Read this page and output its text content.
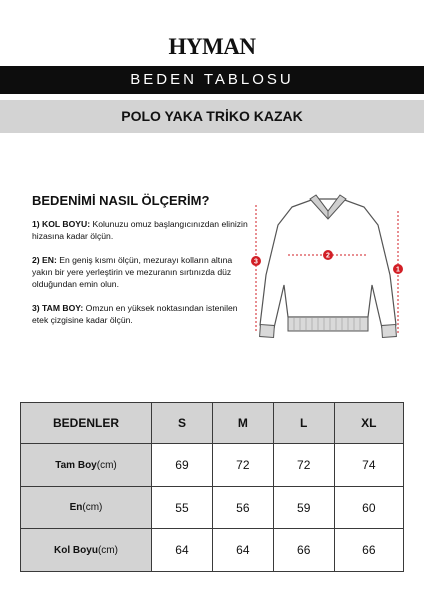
HYMAN
BEDEN TABLOSU
POLO YAKA TRİKO KAZAK
BEDENİMİ NASIL ÖLÇERİM?
1) KOL BOYU: Kolunuzu omuz başlangıcınızdan elinizin hizasına kadar ölçün.
2) EN: En geniş kısmı ölçün, mezurayı kolların altına yakın bir yere yerleştirin ve mezuranın sırtınızda düz olduğundan emin olun.
3) TAM BOY: Omzun en yüksek noktasından istenilen etek çizgisine kadar ölçün.
3
2
1
BEDENLER	S	M	L	XL
Tam Boy(cm)	69	72	72	74
En(cm)	55	56	59	60
Kol Boyu(cm)	64	64	66	66
